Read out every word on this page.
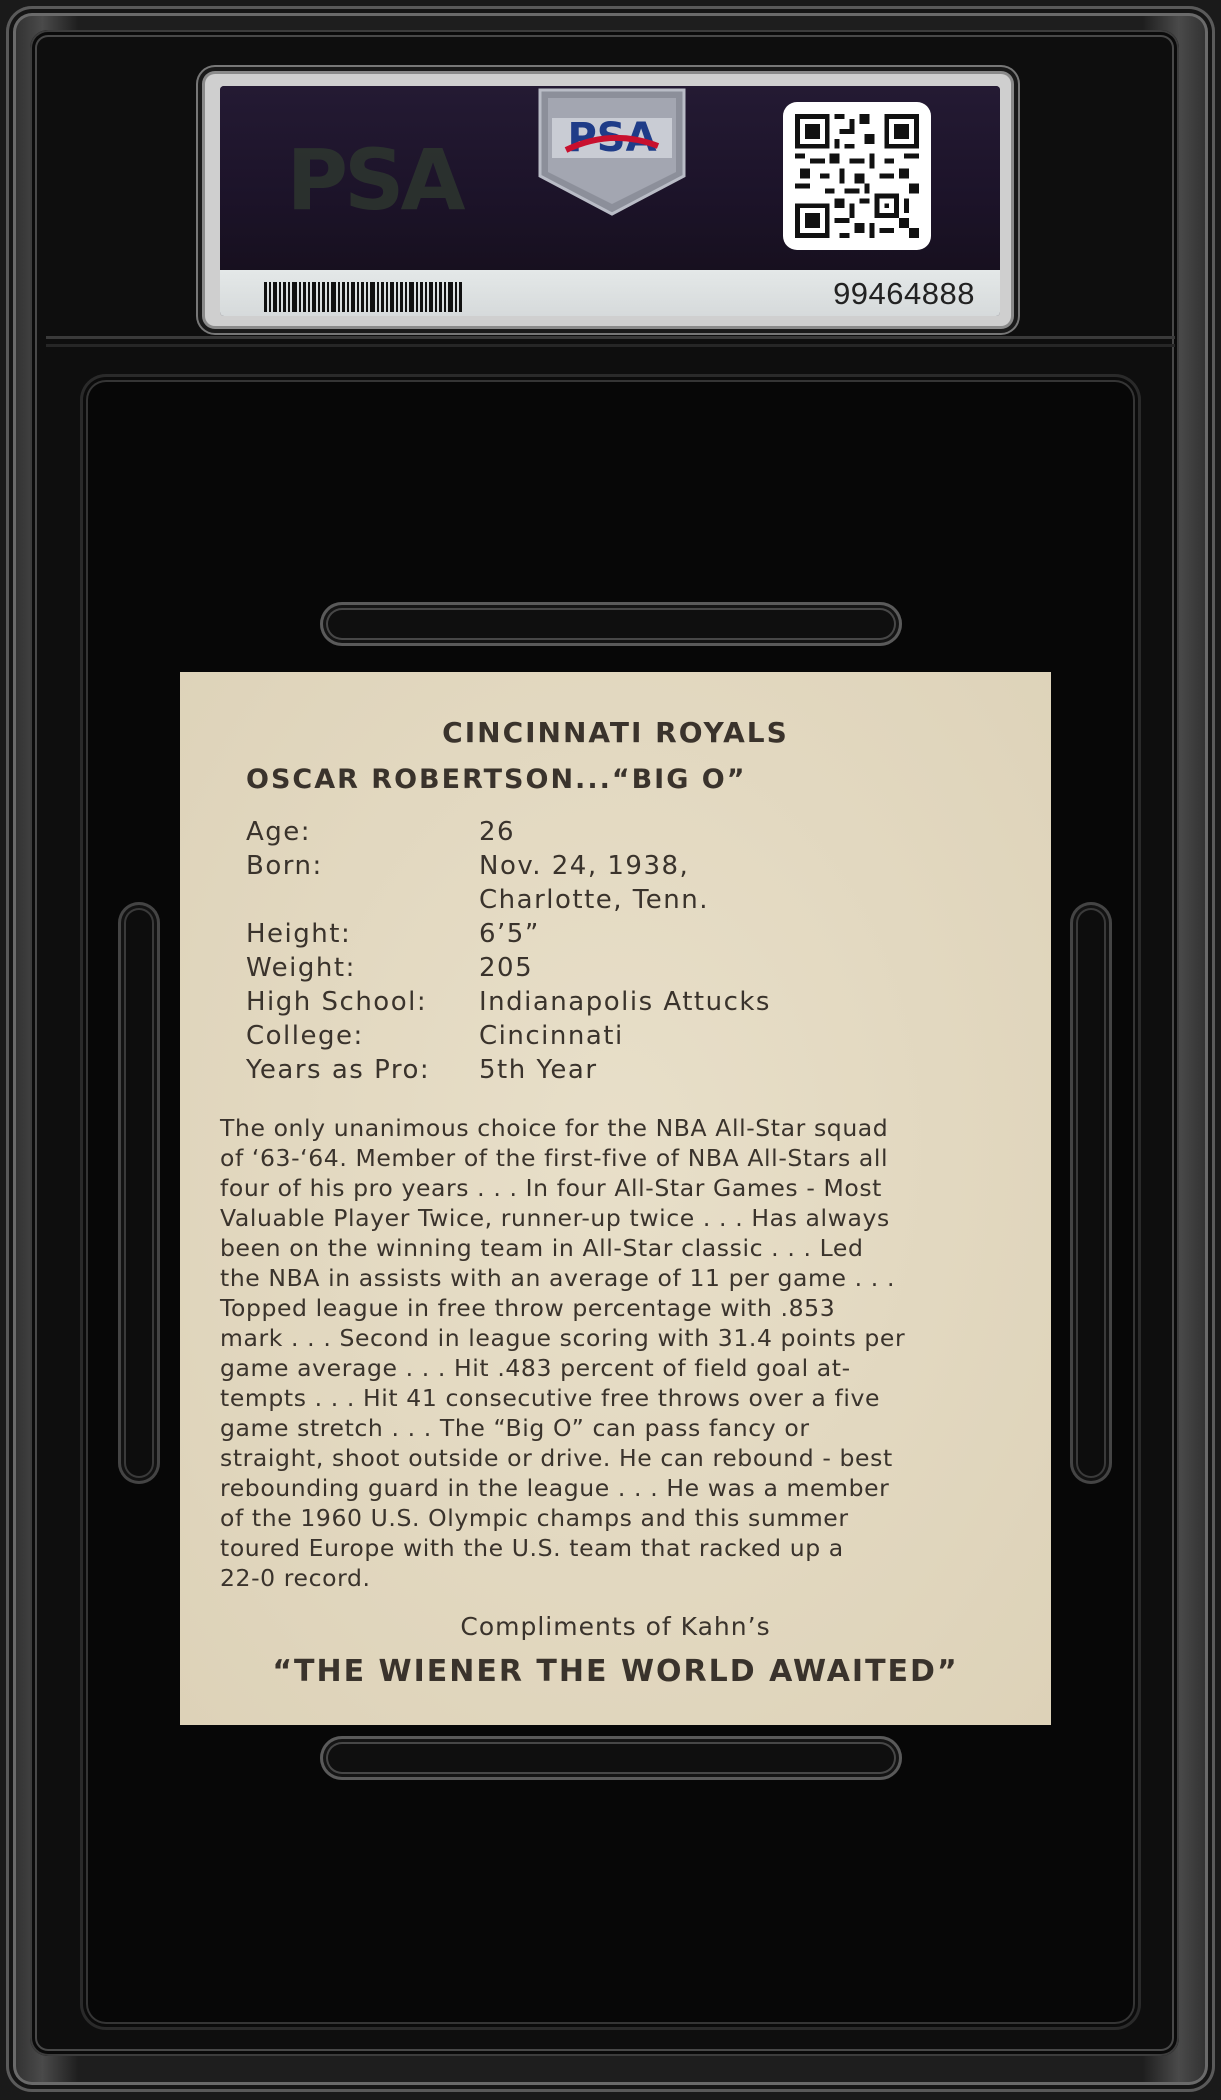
PSA	PSA
99464888
CINCINNATI ROYALS
OSCAR ROBERTSON...“BIG O”
Age:	26
Born:	Nov. 24, 1938,
Charlotte, Tenn.
Height:	6’5”
Weight:	205
High School: Indianapolis Attucks
College:	Cincinnati
Years as Pro: 5th Year
The only unanimous choice for the NBA All-Star squad
of ‘63-‘64. Member of the first-five of NBA All-Stars all
four of his pro years . . . In four All-Star Games - Most
Valuable Player Twice, runner-up twice . . . Has always
been on the winning team in All-Star classic . . . Led
the NBA in assists with an average of 11 per game . . .
Topped league in free throw percentage with .853
mark . . . Second in league scoring with 31.4 points per
game average . . . Hit .483 percent of field goal at-
tempts . . . Hit 41 consecutive free throws over a five
game stretch . . . The “Big O” can pass fancy or
straight, shoot outside or drive. He can rebound - best
rebounding guard in the league . . . He was a member
of the 1960 U.S. Olympic champs and this summer
toured Europe with the U.S. team that racked up a
22-0 record.
Compliments of Kahn’s
“THE WIENER THE WORLD AWAITED”
